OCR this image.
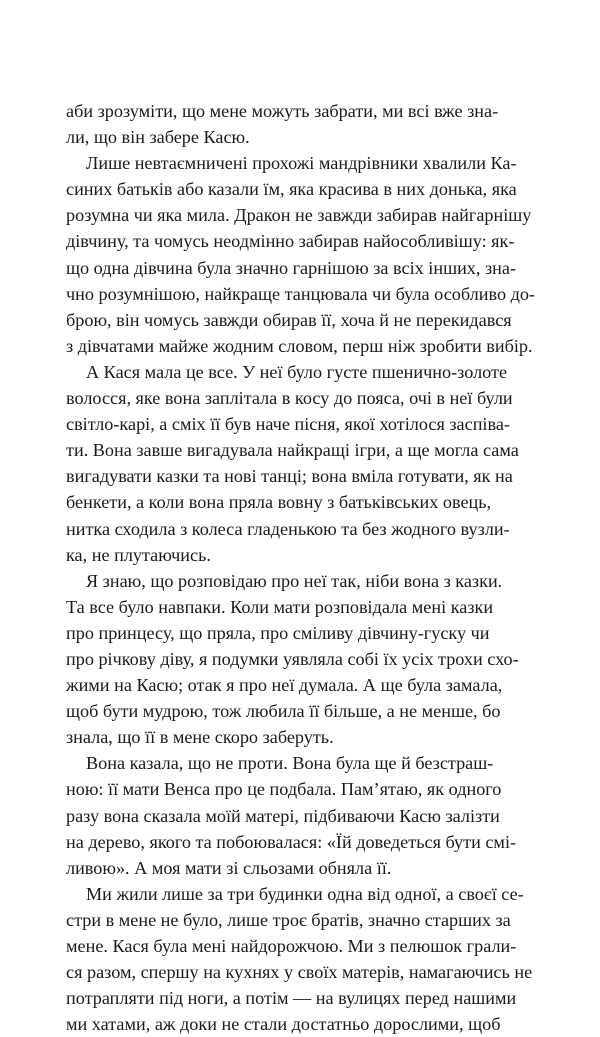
аби зрозуміти, що мене можуть забрати, ми всі вже зна-
ли, що він забере Касю.
Лише невтаємничені прохожі мандрівники хвалили Ка-
синих батьків або казали їм, яка красива в них донька, яка
розумна чи яка мила. Дракон не завжди забирав найгарнішу
дівчину, та чомусь неодмінно забирав найособливішу: як-
що одна дівчина була значно гарнішою за всіх інших, зна-
чно розумнішою, найкраще танцювала чи була особливо до-
брою, він чомусь завжди обирав її, хоча й не перекидався
з дівчатами майже жодним словом, перш ніж зробити вибір.
А Кася мала це все. У неї було густе пшенично-золоте
волосся, яке вона заплітала в косу до пояса, очі в неї були
світло-карі, а сміх її був наче пісня, якої хотілося заспіва-
ти. Вона завше вигадувала найкращі ігри, а ще могла сама
вигадувати казки та нові танці; вона вміла готувати, як на
бенкети, а коли вона пряла вовну з батьківських овець,
нитка сходила з колеса гладенькою та без жодного вузли-
ка, не плутаючись.
Я знаю, що розповідаю про неї так, ніби вона з казки.
Та все було навпаки. Коли мати розповідала мені казки
про принцесу, що пряла, про сміливу дівчину-гуску чи
про річкову діву, я подумки уявляла собі їх усіх трохи схо-
жими на Касю; отак я про неї думала. А ще була замала,
щоб бути мудрою, тож любила її більше, а не менше, бо
знала, що її в мене скоро заберуть.
Вона казала, що не проти. Вона була ще й безстраш-
ною: її мати Венса про це подбала. Пам’ятаю, як одного
разу вона сказала моїй матері, підбиваючи Касю залізти
на дерево, якого та побоювалася: «Їй доведеться бути смі-
ливою». А моя мати зі сльозами обняла її.
Ми жили лише за три будинки одна від одної, а своєї се-
стри в мене не було, лише троє братів, значно старших за
мене. Кася була мені найдорожчою. Ми з пелюшок грали-
ся разом, спершу на кухнях у своїх матерів, намагаючись не
потрапляти під ноги, а потім — на вулицях перед нашими
ми хатами, аж доки не стали достатньо дорослими, щоб
